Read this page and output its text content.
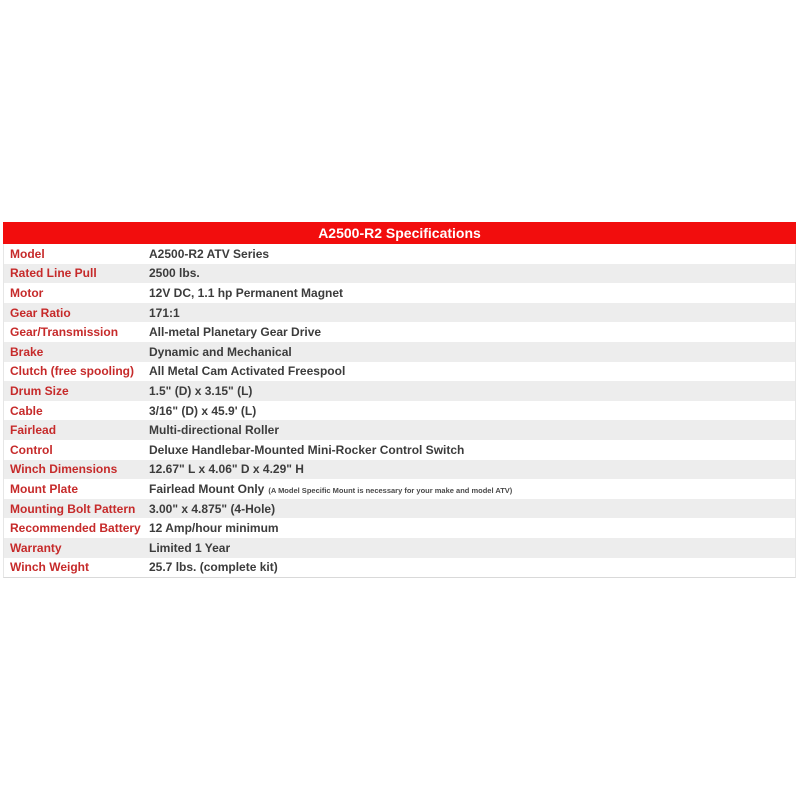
A2500-R2 Specifications
Model	A2500-R2 ATV Series
Rated Line Pull	2500 lbs.
Motor	12V DC, 1.1 hp Permanent Magnet
Gear Ratio	171:1
Gear/Transmission	All-metal Planetary Gear Drive
Brake	Dynamic and Mechanical
Clutch (free spooling)	All Metal Cam Activated Freespool
Drum Size	1.5" (D) x 3.15" (L)
Cable	3/16" (D) x 45.9' (L)
Fairlead	Multi-directional Roller
Control	Deluxe Handlebar-Mounted Mini-Rocker Control Switch
Winch Dimensions	12.67" L x 4.06" D x 4.29" H
Mount Plate	Fairlead Mount Only (A Model Specific Mount is necessary for your make and model ATV)
Mounting Bolt Pattern	3.00" x 4.875" (4-Hole)
Recommended Battery 12 Amp/hour minimum
Warranty	Limited 1 Year
Winch Weight	25.7 lbs. (complete kit)
